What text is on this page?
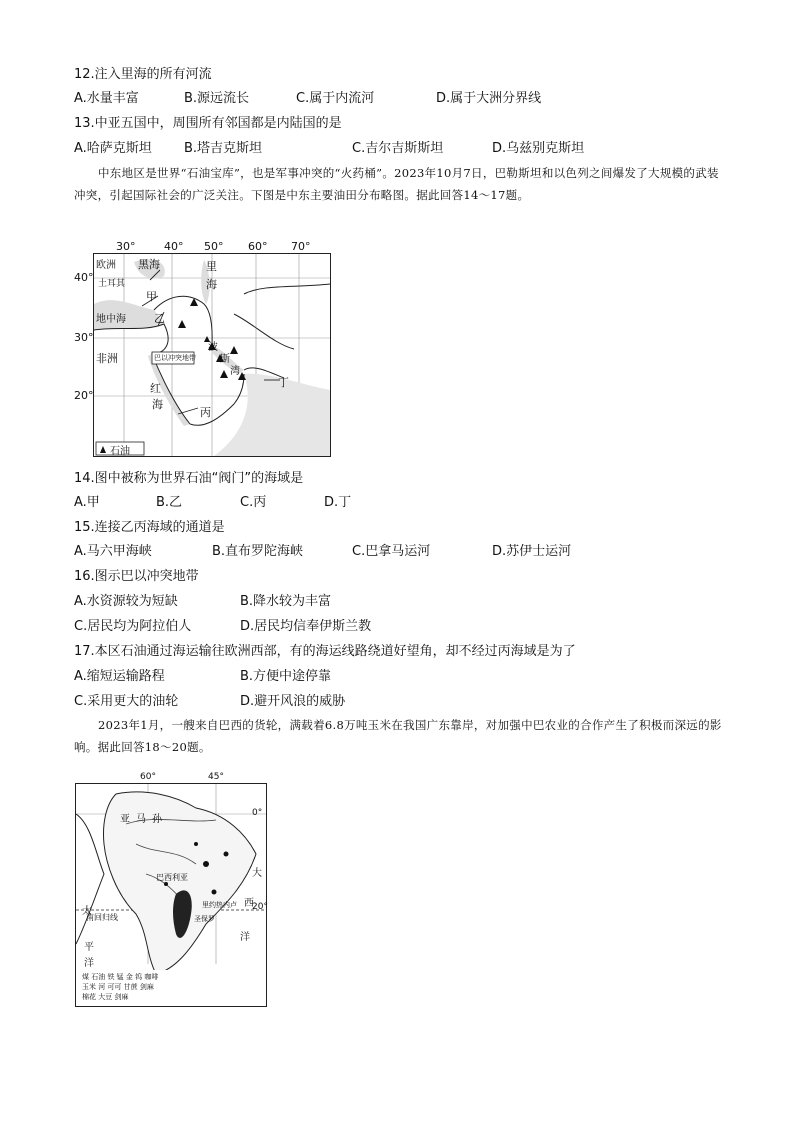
12.注入里海的所有河流
A.水量丰富	B.源远流长	C.属于内流河	D.属于大洲分界线
13.中亚五国中，周围所有邻国都是内陆国的是
A.哈萨克斯坦 B.塔吉克斯坦	C.吉尔吉斯斯坦	D.乌兹别克斯坦
中东地区是世界“石油宝库”，也是军事冲突的“火药桶”。2023年10月7日，巴勒斯坦和以色列之间爆发了大规模的武装冲突，引起国际社会的广泛关注。下图是中东主要油田分布略图。据此回答14～17题。
30°	40° 50° 60° 70°
40°
30°
20°
欧洲 黑海	里
海
土耳其
甲
地中海	乙
非洲	巴以冲突地带
波
斯
湾
红
海
丙
丁
石油
14.图中被称为世界石油“阀门”的海域是
A.甲	B.乙	C.丙	D.丁
15.连接乙丙海域的通道是
A.马六甲海峡	B.直布罗陀海峡	C.巴拿马运河	D.苏伊士运河
16.图示巴以冲突地带
A.水资源较为短缺	B.降水较为丰富
C.居民均为阿拉伯人	D.居民均信奉伊斯兰教
17.本区石油通过海运输往欧洲西部，有的海运线路绕道好望角，却不经过丙海域是为了
A.缩短运输路程	B.方便中途停靠
C.采用更大的油轮	D.避开风浪的威胁
2023年1月，一艘来自巴西的货轮，满载着6.8万吨玉米在我国广东靠岸，对加强中巴农业的合作产生了积极而深远的影响。据此回答18～20题。
60°	45°
0°
20°
亚 马 孙
巴西利亚
里约热内卢
圣保罗
大
西
洋
太
平
洋
南回归线
煤 石油 铁 锰 金 钨 咖啡
玉米 河 可可 甘蔗 剑麻
棉花 大豆 剑麻
